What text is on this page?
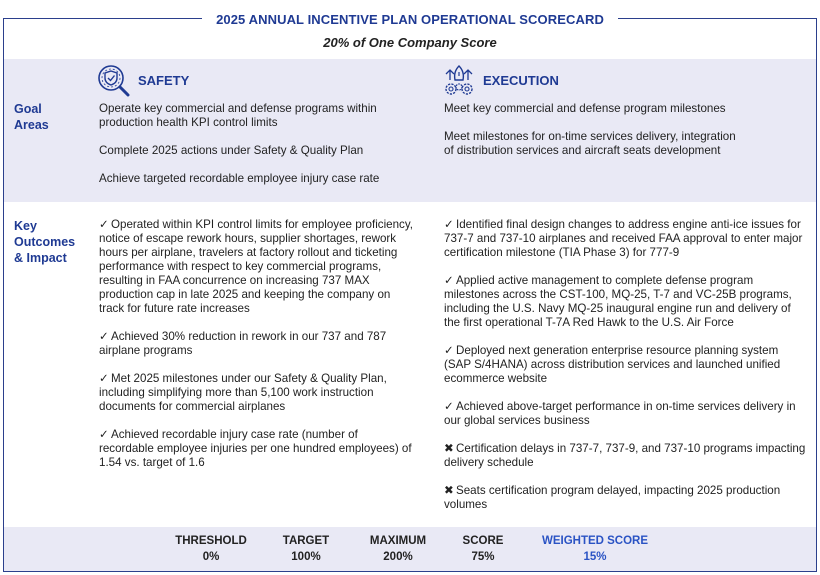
2025 ANNUAL INCENTIVE PLAN OPERATIONAL SCORECARD
20% of One Company Score
SAFETY	EXECUTION
Goal
Areas
Key
Outcomes
& Impact

Operate key commercial and defense programs within production health KPI control limits

Complete 2025 actions under Safety & Quality Plan

Achieve targeted recordable employee injury case rate

Meet key commercial and defense program milestones

Meet milestones for on-time services delivery, integration of distribution services and aircraft seats development

✓ Operated within KPI control limits for employee proficiency, notice of escape rework hours, supplier shortages, rework hours per airplane, travelers at factory rollout and ticketing performance with respect to key commercial programs, resulting in FAA concurrence on increasing 737 MAX production cap in late 2025 and keeping the company on track for future rate increases

✓ Achieved 30% reduction in rework in our 737 and 787 airplane programs

✓ Met 2025 milestones under our Safety & Quality Plan, including simplifying more than 5,100 work instruction documents for commercial airplanes

✓ Achieved recordable injury case rate (number of recordable employee injuries per one hundred employees) of 1.54 vs. target of 1.6

✓ Identified final design changes to address engine anti-ice issues for 737-7 and 737-10 airplanes and received FAA approval to enter major certification milestone (TIA Phase 3) for 777-9

✓ Applied active management to complete defense program milestones across the CST-100, MQ-25, T-7 and VC-25B programs, including the U.S. Navy MQ-25 inaugural engine run and delivery of the first operational T-7A Red Hawk to the U.S. Air Force

✓ Deployed next generation enterprise resource planning system (SAP S/4HANA) across distribution services and launched unified ecommerce website

✓ Achieved above-target performance in on-time services delivery in our global services business

✖ Certification delays in 737-7, 737-9, and 737-10 programs impacting delivery schedule

✖ Seats certification program delayed, impacting 2025 production volumes

THRESHOLD
0%
TARGET
100%
MAXIMUM
200%
SCORE
75%
WEIGHTED SCORE
15%
